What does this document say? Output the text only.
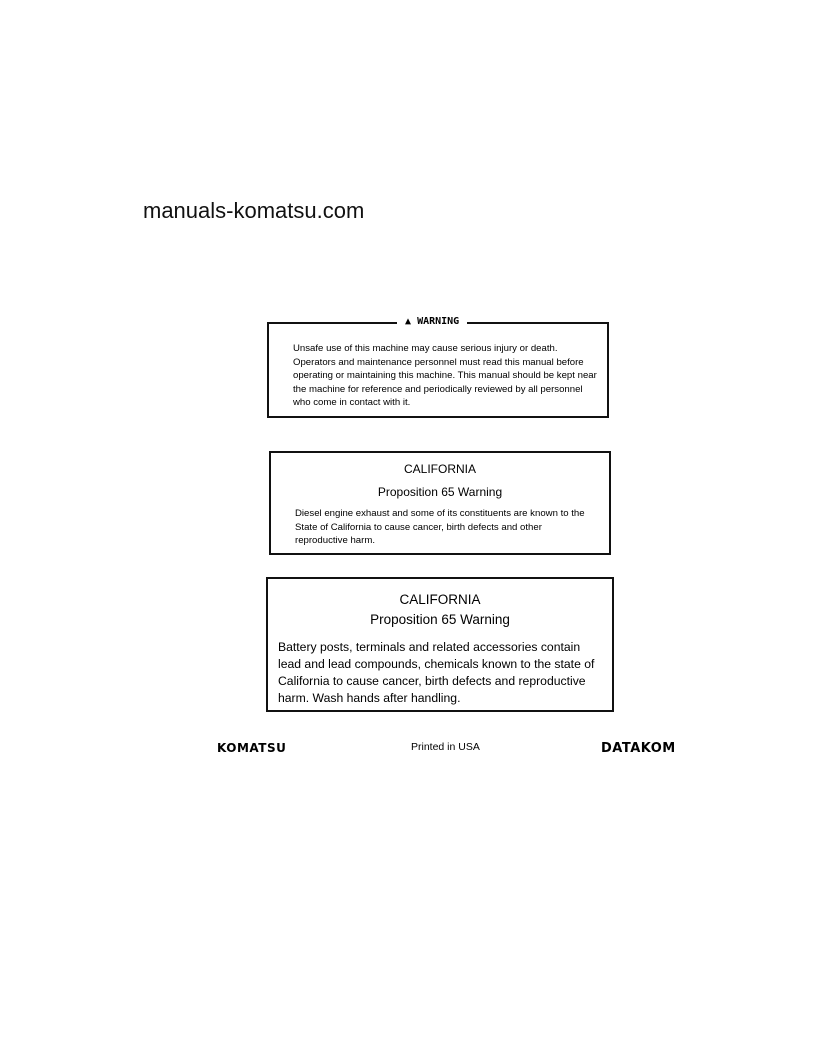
manuals-komatsu.com
▲ WARNING
Unsafe use of this machine may cause serious injury or death. Operators and maintenance personnel must read this manual before operating or maintaining this machine. This manual should be kept near the machine for reference and periodically reviewed by all personnel who come in contact with it.
CALIFORNIA
Proposition 65 Warning
Diesel engine exhaust and some of its constituents are known to the State of California to cause cancer, birth defects and other reproductive harm.
CALIFORNIA
Proposition 65 Warning
Battery posts, terminals and related accessories contain lead and lead compounds, chemicals known to the state of California to cause cancer, birth defects and reproductive harm. Wash hands after handling.
KOMATSU	Printed in USA	DATAKOM
